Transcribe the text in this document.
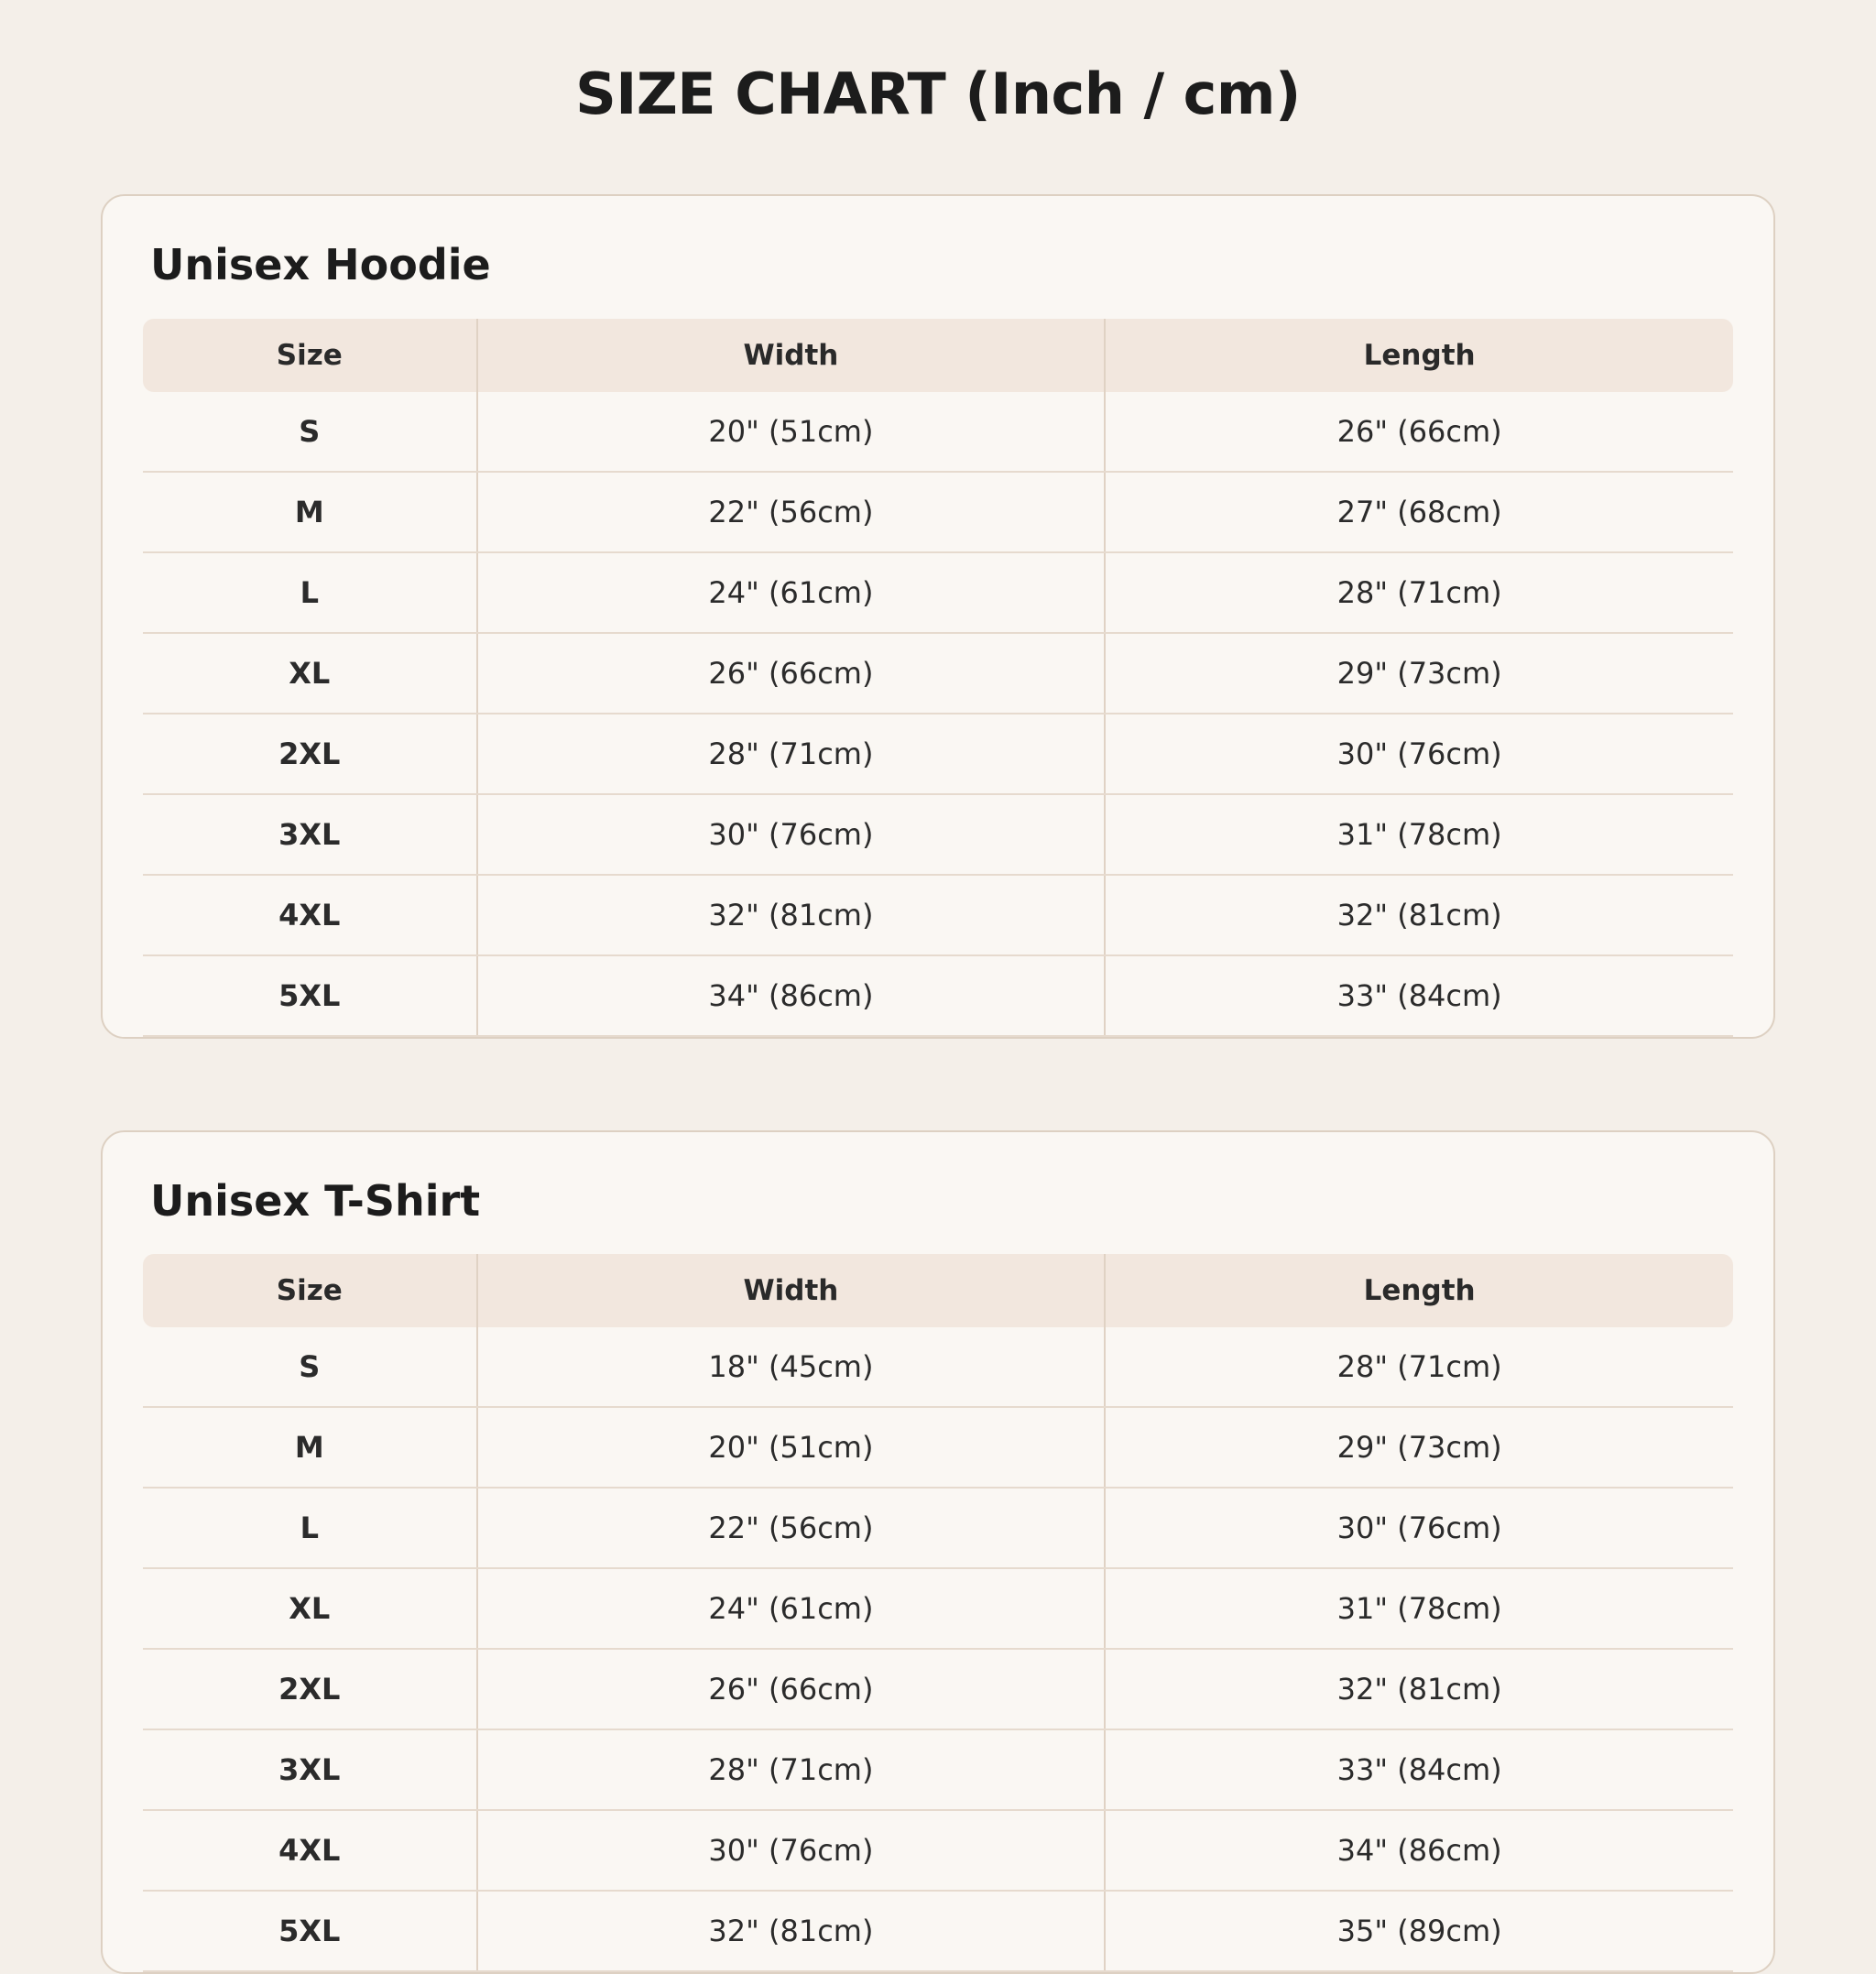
SIZE CHART (Inch / cm)
Unisex Hoodie
Size	Width	Length
S	20" (51cm)	26" (66cm)
M	22" (56cm)	27" (68cm)
L	24" (61cm)	28" (71cm)
XL	26" (66cm)	29" (73cm)
2XL	28" (71cm)	30" (76cm)
3XL	30" (76cm)	31" (78cm)
4XL	32" (81cm)	32" (81cm)
5XL	34" (86cm)	33" (84cm)
Unisex T-Shirt
Size	Width	Length
S	18" (45cm)	28" (71cm)
M	20" (51cm)	29" (73cm)
L	22" (56cm)	30" (76cm)
XL	24" (61cm)	31" (78cm)
2XL	26" (66cm)	32" (81cm)
3XL	28" (71cm)	33" (84cm)
4XL	30" (76cm)	34" (86cm)
5XL	32" (81cm)	35" (89cm)
